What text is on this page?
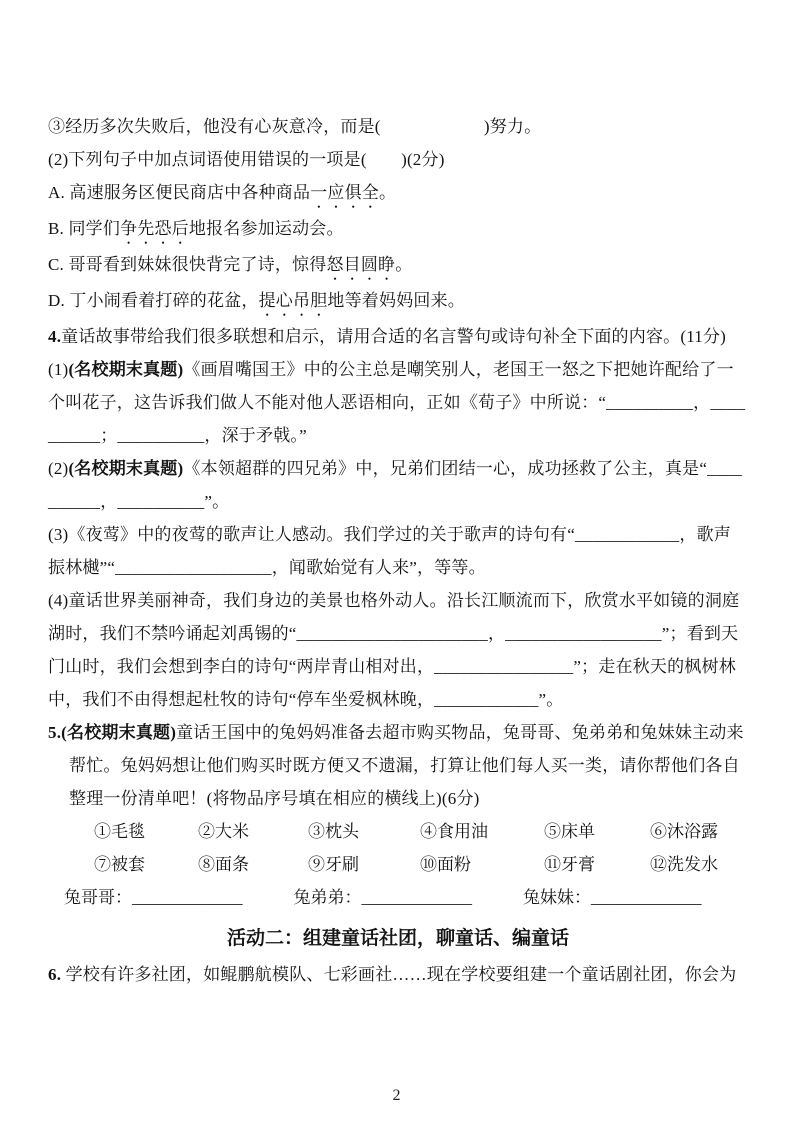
③经历多次失败后，他没有心灰意冷，而是(　　　　　　)努力。

(2)下列句子中加点词语使用错误的一项是(　　)(2分)

A. 高速服务区便民商店中各种商品一应俱全。

B. 同学们争先恐后地报名参加运动会。

C. 哥哥看到妹妹很快背完了诗，惊得怒目圆睁。

D. 丁小闹看着打碎的花盆，提心吊胆地等着妈妈回来。

4.童话故事带给我们很多联想和启示，请用合适的名言警句或诗句补全下面的内容。(11分)

(1)(名校期末真题)《画眉嘴国王》中的公主总是嘲笑别人，老国王一怒之下把她许配给了一个叫花子，这告诉我们做人不能对他人恶语相向，正如《荀子》中所说：“__________，__________；__________，深于矛戟。”

(2)(名校期末真题)《本领超群的四兄弟》中，兄弟们团结一心，成功拯救了公主，真是“__________，__________”。

(3)《夜莺》中的夜莺的歌声让人感动。我们学过的关于歌声的诗句有“____________，歌声振林樾”“__________________，闻歌始觉有人来”，等等。

(4)童话世界美丽神奇，我们身边的美景也格外动人。沿长江顺流而下，欣赏水平如镜的洞庭湖时，我们不禁吟诵起刘禹锡的“______________________，__________________”；看到天门山时，我们会想到李白的诗句“两岸青山相对出，________________”；走在秋天的枫树林中，我们不由得想起杜牧的诗句“停车坐爱枫林晚，____________”。

5.(名校期末真题)童话王国中的兔妈妈准备去超市购买物品，兔哥哥、兔弟弟和兔妹妹主动来帮忙。兔妈妈想让他们购买时既方便又不遗漏，打算让他们每人买一类，请你帮他们各自整理一份清单吧！(将物品序号填在相应的横线上)(6分)

①毛毯	②大米	③枕头	④食用油	⑤床单	⑥沐浴露
⑦被套	⑧面条	⑨牙刷	⑩面粉	⑪牙膏	⑫洗发水
兔哥哥：_____________	兔弟弟：_____________	兔妹妹：_____________
活动二：组建童话社团，聊童话、编童话

6. 学校有许多社团，如鲲鹏航模队、七彩画社……现在学校要组建一个童话剧社团，你会为

2
